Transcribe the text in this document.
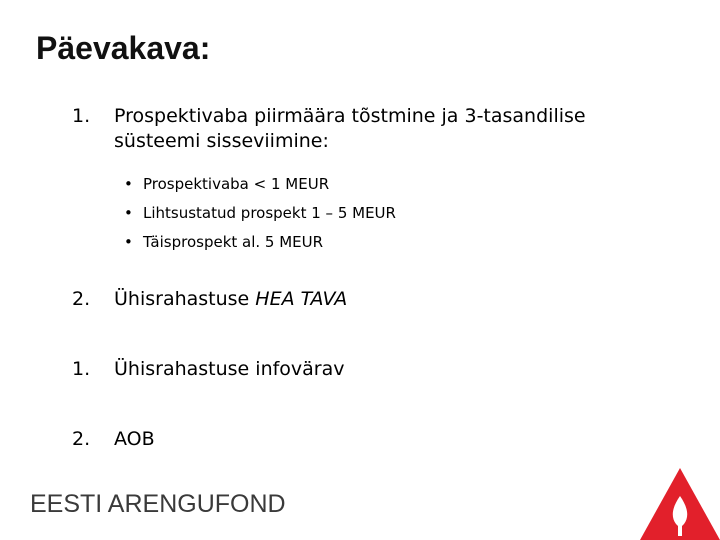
Päevakava:
1.	Prospektivaba piirmäära tõstmine ja 3-tasandilise süsteemi sisseviimine:
• Prospektivaba < 1 MEUR
• Lihtsustatud prospekt 1 – 5 MEUR
• Täisprospekt al. 5 MEUR
2.	Ühisrahastuse HEA TAVA
1.	Ühisrahastuse infovärav
2.	AOB
EESTI ARENGUFOND
